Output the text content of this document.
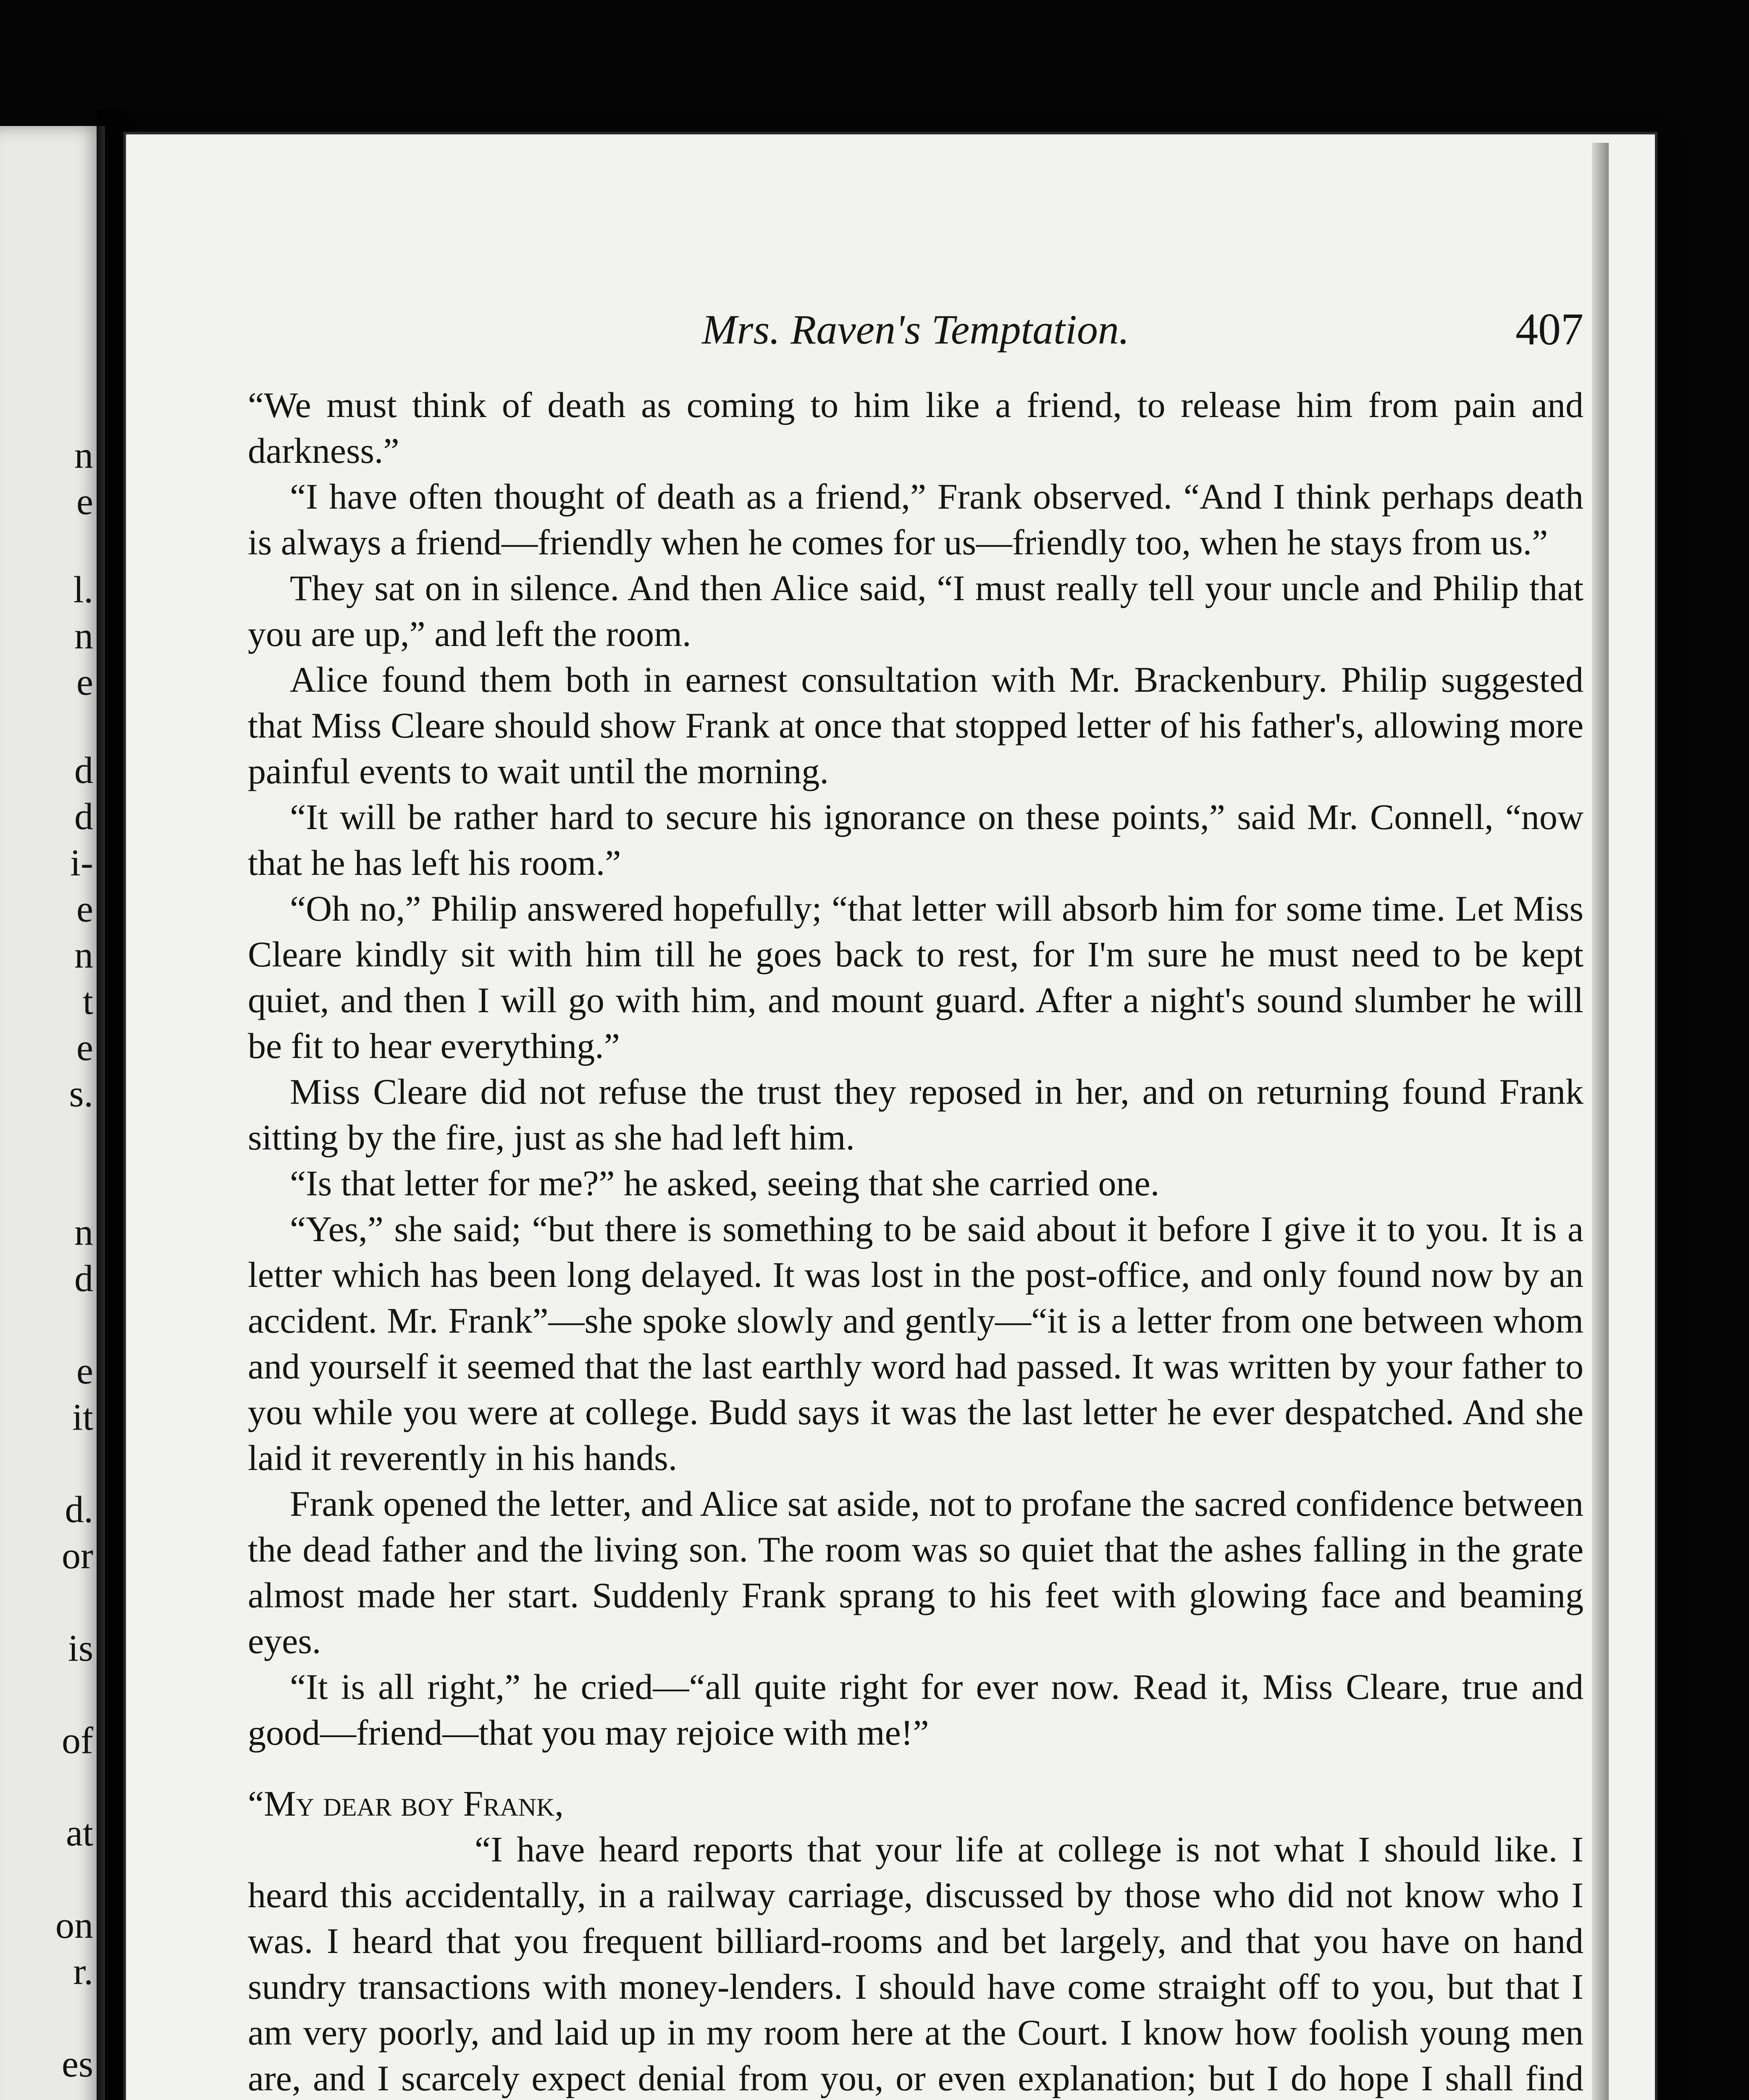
n
e
l.
n
e
d
d
i-
e
n
t
e
s.
n
d
e
it
d.
or
is
of
at
on
r.
es
Mrs. Raven's Temptation.	407

“We must think of death as coming to him like a friend, to release him from pain and darkness.”

“I have often thought of death as a friend,” Frank observed. “And I think perhaps death is always a friend—friendly when he comes for us—friendly too, when he stays from us.”

They sat on in silence. And then Alice said, “I must really tell your uncle and Philip that you are up,” and left the room.

Alice found them both in earnest consultation with Mr. Brackenbury. Philip suggested that Miss Cleare should show Frank at once that stopped letter of his father's, allowing more painful events to wait until the morning.

“It will be rather hard to secure his ignorance on these points,” said Mr. Connell, “now that he has left his room.”

“Oh no,” Philip answered hopefully; “that letter will absorb him for some time. Let Miss Cleare kindly sit with him till he goes back to rest, for I'm sure he must need to be kept quiet, and then I will go with him, and mount guard. After a night's sound slumber he will be fit to hear everything.”

Miss Cleare did not refuse the trust they reposed in her, and on returning found Frank sitting by the fire, just as she had left him.

“Is that letter for me?” he asked, seeing that she carried one.

“Yes,” she said; “but there is something to be said about it before I give it to you. It is a letter which has been long delayed. It was lost in the post-office, and only found now by an accident. Mr. Frank”—she spoke slowly and gently—“it is a letter from one between whom and yourself it seemed that the last earthly word had passed. It was written by your father to you while you were at college. Budd says it was the last letter he ever despatched. And she laid it reverently in his hands.

Frank opened the letter, and Alice sat aside, not to profane the sacred confidence between the dead father and the living son. The room was so quiet that the ashes falling in the grate almost made her start. Suddenly Frank sprang to his feet with glowing face and beaming eyes.

“It is all right,” he cried—“all quite right for ever now. Read it, Miss Cleare, true and good—friend—that you may rejoice with me!”

“My dear boy Frank,

“I have heard reports that your life at college is not what I should like. I heard this accidentally, in a railway carriage, discussed by those who did not know who I was. I heard that you frequent billiard-rooms and bet largely, and that you have on hand sundry transactions with money-lenders. I should have come straight off to you, but that I am very poorly, and laid up in my room here at the Court. I know how foolish young men are, and I scarcely expect denial from you, or even explanation; but I do hope I shall find
